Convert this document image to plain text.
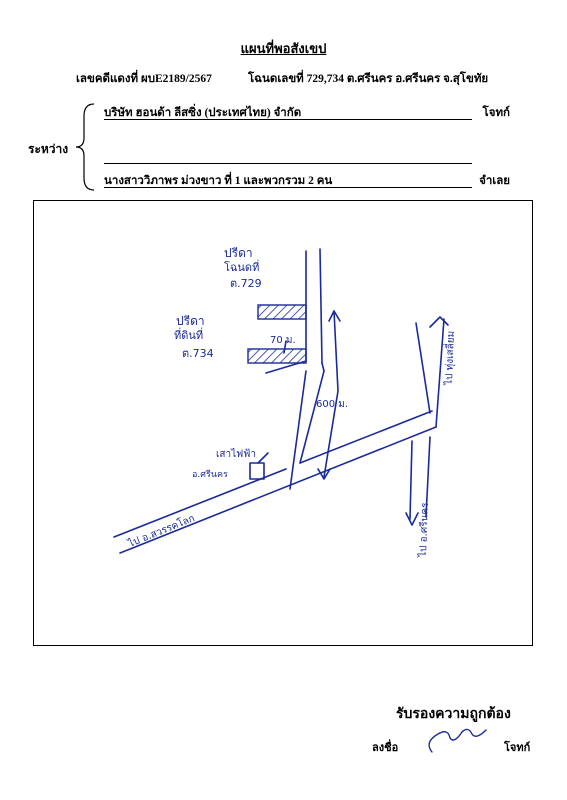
แผนที่พอสังเขป
เลขคดีแดงที่ ผบE2189/2567	โฉนดเลขที่ 729,734 ต.ศรีนคร อ.ศรีนคร จ.สุโขทัย
ระหว่าง
บริษัท ฮอนด้า ลีสซิ่ง (ประเทศไทย) จำกัด	โจทก์
นางสาววิภาพร ม่วงขาว ที่ 1 และพวกรวม 2 คน	จำเลย
ปรีดา
โฉนดที่
ต.729
ปรีดา
ที่ดินที่
ต.734
70 ม.
600 ม.
เสาไฟฟ้า
อ.ศรีนคร
ไป อ.สวรรคโลก
ไป ทุ่งเสลี่ยม
ไป อ.ศรีนคร
รับรองความถูกต้อง
ลงชื่อ	โจทก์
